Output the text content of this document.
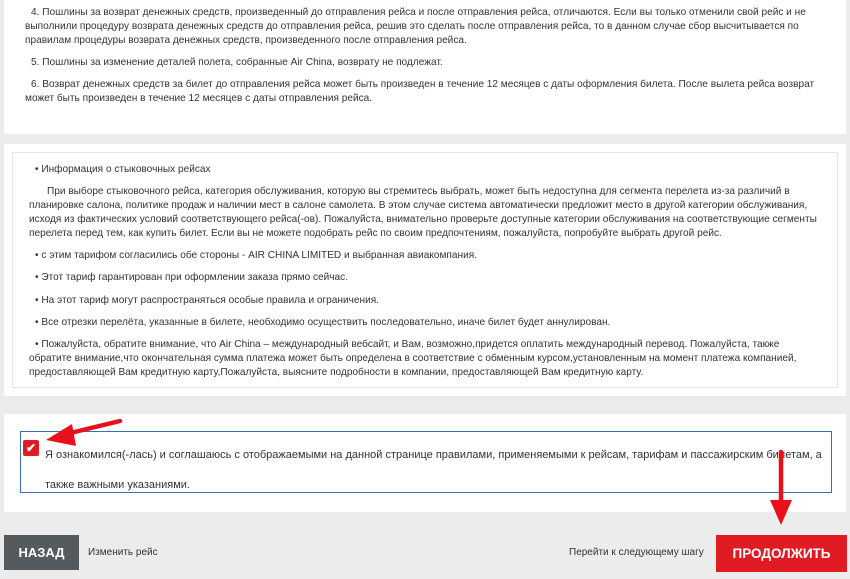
4. Пошлины за возврат денежных средств, произведенный до отправления рейса и после отправления рейса, отличаются. Если вы только отменили свой рейс и не выполнили процедуру возврата денежных средств до отправления рейса, решив это сделать после отправления рейса, то в данном случае сбор высчитывается по правилам процедуры возврата денежных средств, произведенного после отправления рейса.

5. Пошлины за изменение деталей полета, собранные Air China, возврату не подлежат.

6. Возврат денежных средств за билет до отправления рейса может быть произведен в течение 12 месяцев с даты оформления билета. После вылета рейса возврат может быть произведен в течение 12 месяцев с даты отправления рейса.

• Информация о стыковочных рейсах

При выборе стыковочного рейса, категория обслуживания, которую вы стремитесь выбрать, может быть недоступна для сегмента перелета из-за различий в планировке салона, политике продаж и наличии мест в салоне самолета. В этом случае система автоматически предложит место в другой категории обслуживания, исходя из фактических условий соответствующего рейса(-ов). Пожалуйста, внимательно проверьте доступные категории обслуживания на соответствующие сегменты перелета перед тем, как купить билет. Если вы не можете подобрать рейс по своим предпочтениям, пожалуйста, попробуйте выбрать другой рейс.

• с этим тарифом согласились обе стороны - AIR CHINA LIMITED и выбранная авиакомпания.

• Этот тариф гарантирован при оформлении заказа прямо сейчас.

• На этот тариф могут распространяться особые правила и ограничения.

• Все отрезки перелёта, указанные в билете, необходимо осуществить последовательно, иначе билет будет аннулирован.

• Пожалуйста, обратите внимание, что Air China – международный вебсайт, и Вам, возможно,придется оплатить международный перевод. Пожалуйста, также обратите внимание,что окончательная сумма платежа может быть определена в соответствие с обменным курсом,установленным на момент платежа компанией, предоставляющей Вам кредитную карту,Пожалуйста, выясните подробности в компании, предоставляющей Вам кредитную карту.

✔ Я ознакомился(-лась) и соглашаюсь с отображаемыми на данной странице правилами, применяемыми к рейсам, тарифам и пассажирским билетам, а также важными указаниями.
НАЗАД	Изменить рейс	Перейти к следующему шагу	ПРОДОЛЖИТЬ
